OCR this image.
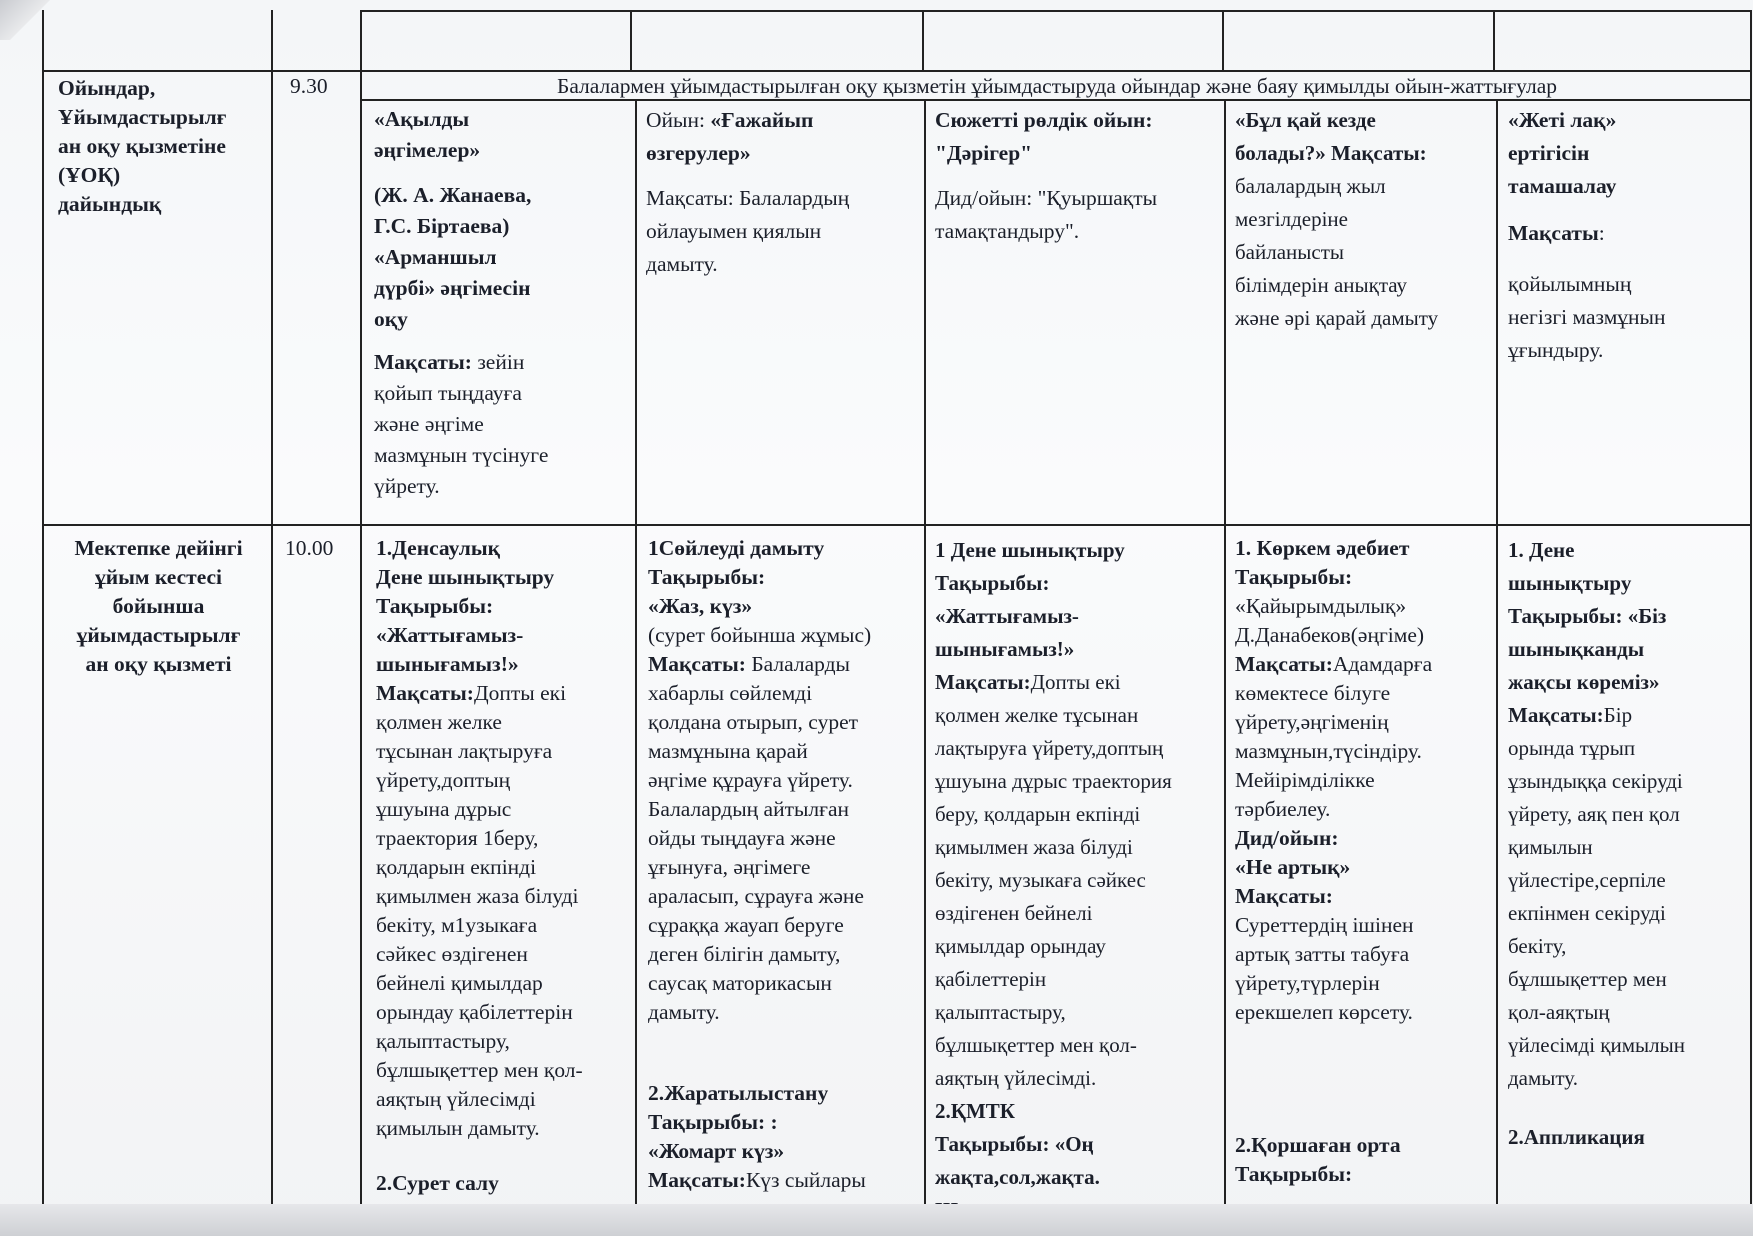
Ойындар,

Ұйымдастырылғ

ан оқу қызметіне

(ҰОҚ)

дайындық

9.30	Балалармен ұйымдастырылған оқу қызметін ұйымдастыруда ойындар және баяу қимылды ойын-жаттығулар

«Ақылды

әңгімелер»

(Ж. А. Жанаева,

Г.С. Біртаева)

«Арманшыл

дүрбі» әңгімесін

оқу

Мақсаты: зейін

қойып тыңдауға

және әңгіме

мазмұнын түсінуге

үйрету.

Ойын: «Ғажайып

өзгерулер»

Мақсаты: Балалардың

ойлауымен қиялын

дамыту.

Сюжетті рөлдік ойын:

"Дәрігер"

Дид/ойын: "Қуыршақты

тамақтандыру".

«Бұл қай кезде

болады?» Мақсаты:

балалардың жыл

мезгілдеріне

байланысты

білімдерін анықтау

және әрі қарай дамыту

«Жеті лақ»

ертігісін

тамашалау

Мақсаты:

қойылымның

негізгі мазмұнын

ұғындыру.

Мектепке дейінгі

ұйым кестесі

бойынша

ұйымдастырылғ

ан оқу қызметі

10.00 1.Денсаулық

Дене шынықтыру

Тақырыбы:

«Жаттығамыз-

шынығамыз!»

Мақсаты:Допты екі

қолмен желке

тұсынан лақтыруға

үйрету,доптың

ұшуына дұрыс

траектория 1беру,

қолдарын екпінді

қимылмен жаза білуді

бекіту, м1узыкаға

сәйкес өздігенен

бейнелі қимылдар

орындау қабілеттерін

қалыптастыру,

бұлшықеттер мен қол-

аяқтың үйлесімді

қимылын дамыту.

2.Сурет салу

1Сөйлеуді дамыту

Тақырыбы:

«Жаз, күз»

(сурет бойынша жұмыс)

Мақсаты: Балаларды

хабарлы сөйлемді

қолдана отырып, сурет

мазмұнына қарай

әңгіме құрауға үйрету.

Балалардың айтылған

ойды тыңдауға және

ұғынуға, әңгімеге

араласып, сұрауға және

сұраққа жауап беруге

деген білігін дамыту,

саусақ маторикасын

дамыту.

2.Жаратылыстану

Тақырыбы: :

«Жомарт күз»

Мақсаты:Күз сыйлары

1 Дене шынықтыру

Тақырыбы:

«Жаттығамыз-

шынығамыз!»

Мақсаты:Допты екі

қолмен желке тұсынан

лақтыруға үйрету,доптың

ұшуына дұрыс траектория

беру, қолдарын екпінді

қимылмен жаза білуді

бекіту, музыкаға сәйкес

өздігенен бейнелі

қимылдар орындау

қабілеттерін

қалыптастыру,

бұлшықеттер мен қол-

аяқтың үйлесімді.

2.ҚМТК

Тақырыбы: «Оң

жақта,сол,жақта.

1. Көркем әдебиет

Тақырыбы:

«Қайырымдылық»

Д.Данабеков(әңгіме)

Мақсаты:Адамдарға

көмектесе білуге

үйрету,әңгіменің

мазмұнын,түсіндіру.

Мейірімділікке

тәрбиелеу.

Дид/ойын:

«Не артық»

Мақсаты:

Суреттердің ішінен

артық затты табуға

үйрету,түрлерін

ерекшелеп көрсету.

2.Қоршаған орта

Тақырыбы:

1. Дене

шынықтыру

Тақырыбы: «Біз

шынықканды

жақсы көреміз»

Мақсаты:Бір

орында тұрып

ұзындыққа секіруді

үйрету, аяқ пен қол

қимылын

үйлестіре,серпіле

екпінмен секіруді

бекіту,

бұлшықеттер мен

қол-аяқтың

үйлесімді қимылын

дамыту.

2.Аппликация
